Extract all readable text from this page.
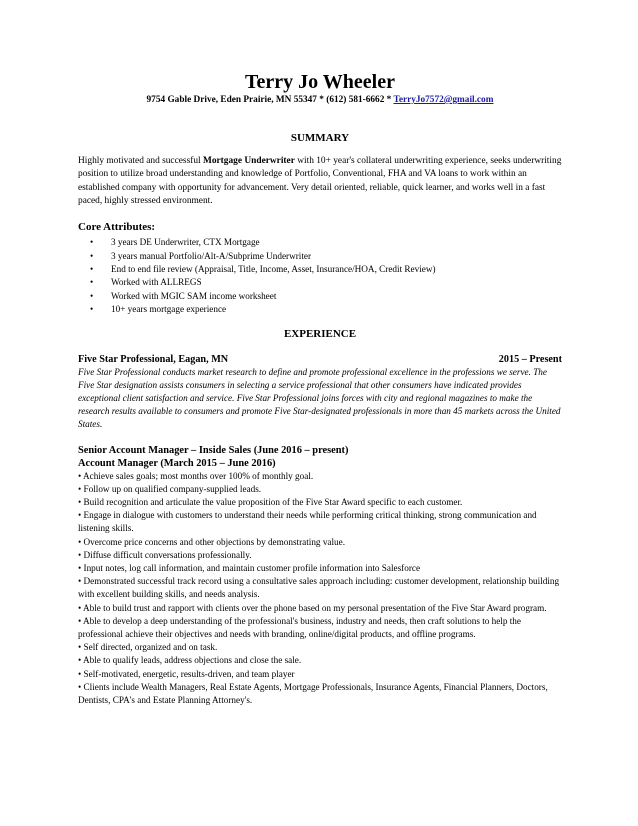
Terry Jo Wheeler

9754 Gable Drive, Eden Prairie, MN 55347 * (612) 581-6662 * TerryJo7572@gmail.com

SUMMARY

Highly motivated and successful Mortgage Underwriter with 10+ year's collateral underwriting experience, seeks underwriting position to utilize broad understanding and knowledge of Portfolio, Conventional, FHA and VA loans to work within an established company with opportunity for advancement. Very detail oriented, reliable, quick learner, and works well in a fast paced, highly stressed environment.

Core Attributes:

• 3 years DE Underwriter, CTX Mortgage
• 3 years manual Portfolio/Alt-A/Subprime Underwriter
• End to end file review (Appraisal, Title, Income, Asset, Insurance/HOA, Credit Review)
• Worked with ALLREGS
• Worked with MGIC SAM income worksheet
• 10+ years mortgage experience
EXPERIENCE
Five Star Professional, Eagan, MN	2015 – Present

Five Star Professional conducts market research to define and promote professional excellence in the professions we serve. The Five Star designation assists consumers in selecting a service professional that other consumers have indicated provides exceptional client satisfaction and service. Five Star Professional joins forces with city and regional magazines to make the research results available to consumers and promote Five Star-designated professionals in more than 45 markets across the United States.

Senior Account Manager – Inside Sales (June 2016 – present)

Account Manager (March 2015 – June 2016)

• Achieve sales goals; most months over 100% of monthly goal.
• Follow up on qualified company-supplied leads.
• Build recognition and articulate the value proposition of the Five Star Award specific to each customer.
• Engage in dialogue with customers to understand their needs while performing critical thinking, strong communication and listening skills.
• Overcome price concerns and other objections by demonstrating value.
• Diffuse difficult conversations professionally.
• Input notes, log call information, and maintain customer profile information into Salesforce
• Demonstrated successful track record using a consultative sales approach including: customer development, relationship building with excellent building skills, and needs analysis.
• Able to build trust and rapport with clients over the phone based on my personal presentation of the Five Star Award program.
• Able to develop a deep understanding of the professional's business, industry and needs, then craft solutions to help the professional achieve their objectives and needs with branding, online/digital products, and offline programs.
• Self directed, organized and on task.
• Able to qualify leads, address objections and close the sale.
• Self-motivated, energetic, results-driven, and team player
• Clients include Wealth Managers, Real Estate Agents, Mortgage Professionals, Insurance Agents, Financial Planners, Doctors, Dentists, CPA's and Estate Planning Attorney's.
